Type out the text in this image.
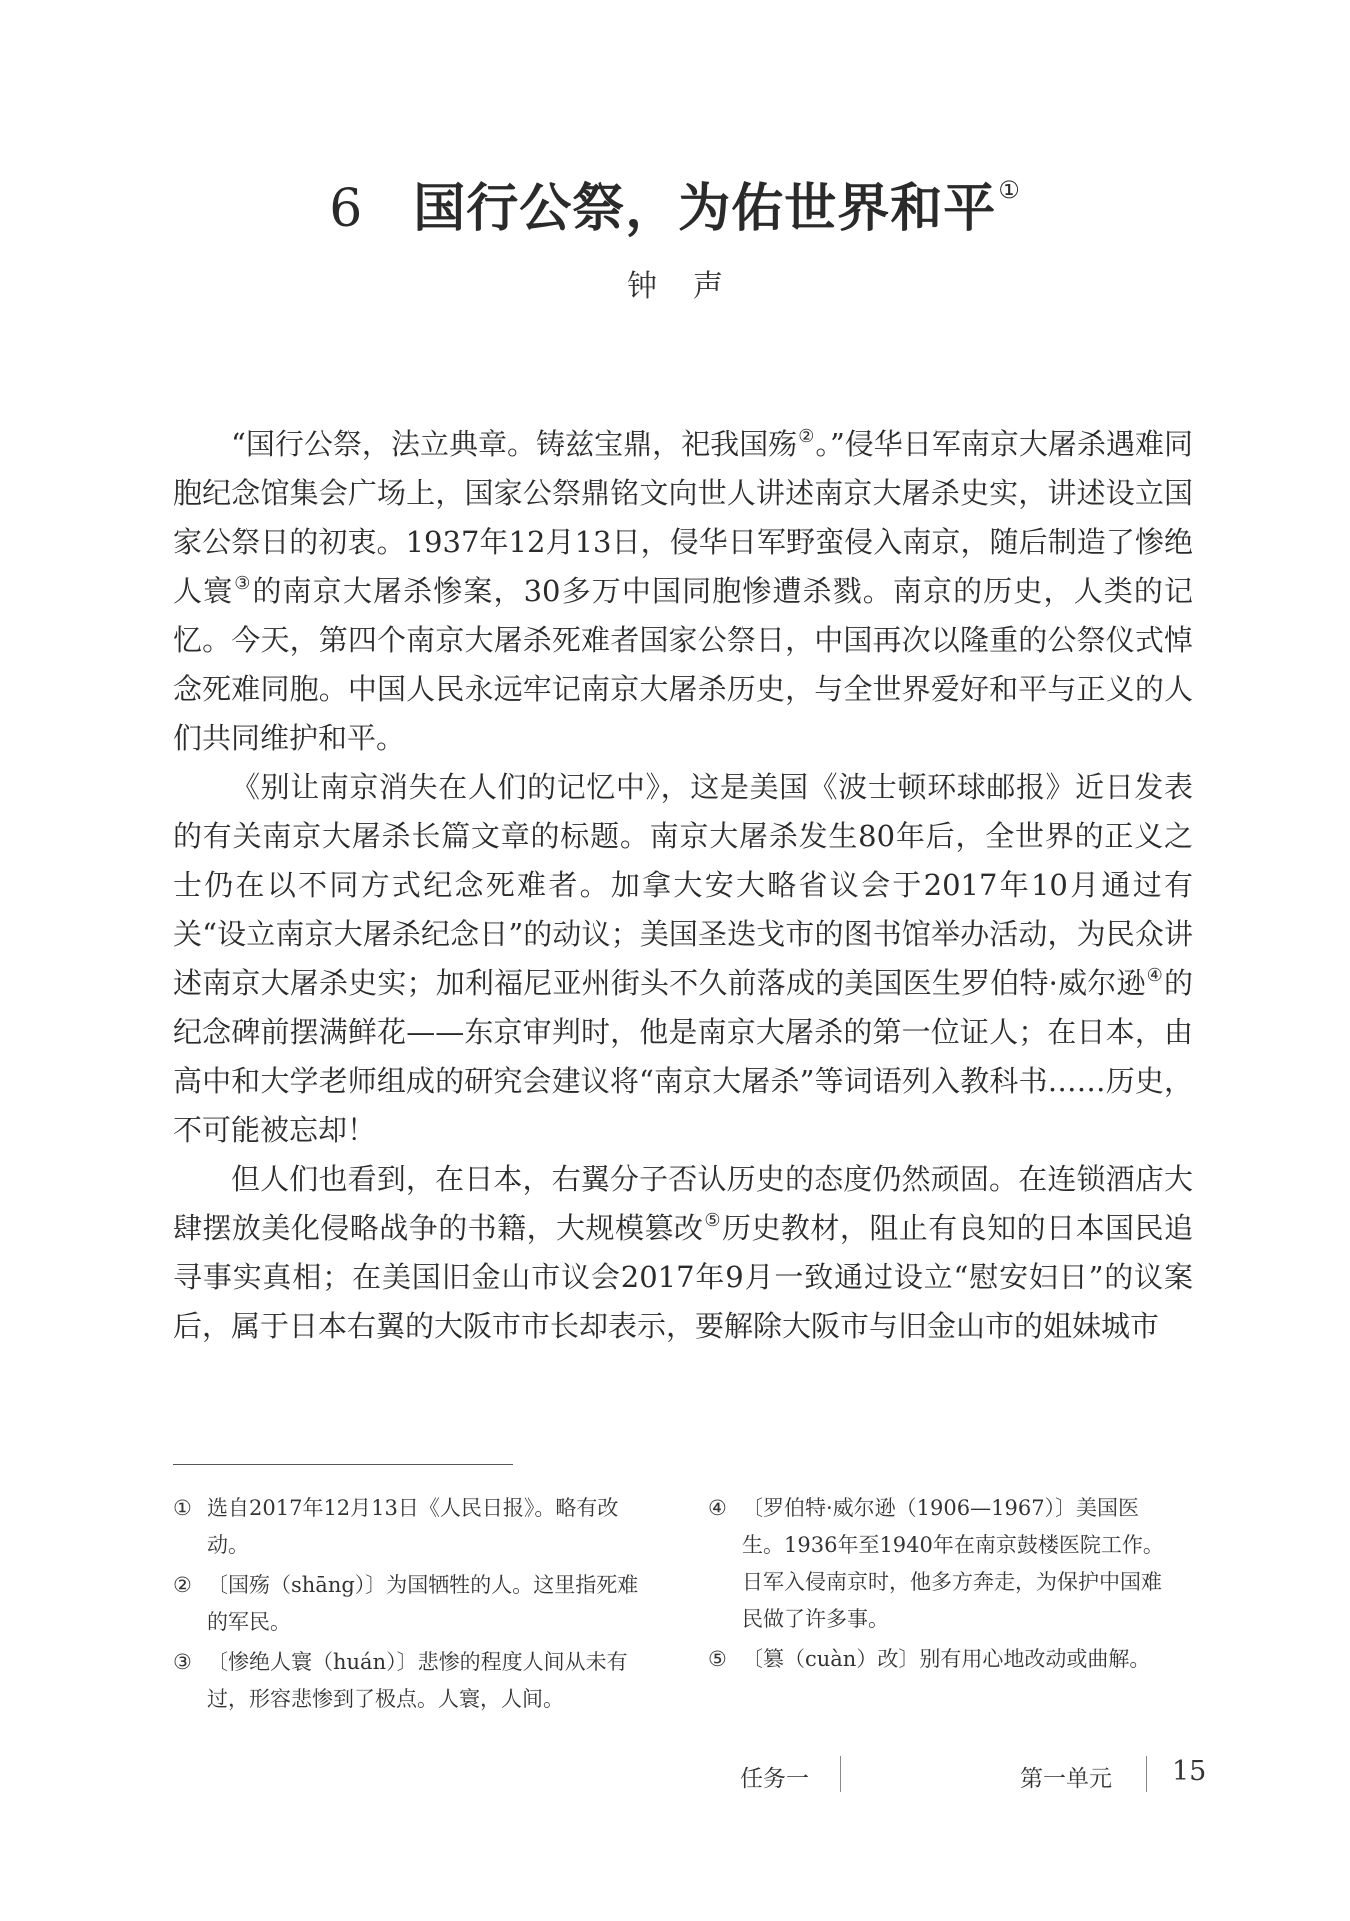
6 国行公祭，为佑世界和平①
钟 声

“国行公祭，法立典章。铸兹宝鼎，祀我国殇②。”侵华日军南京大屠杀遇难同胞纪念馆集会广场上，国家公祭鼎铭文向世人讲述南京大屠杀史实，讲述设立国家公祭日的初衷。1937年12月13日，侵华日军野蛮侵入南京，随后制造了惨绝人寰③的南京大屠杀惨案，30多万中国同胞惨遭杀戮。南京的历史，人类的记忆。今天，第四个南京大屠杀死难者国家公祭日，中国再次以隆重的公祭仪式悼念死难同胞。中国人民永远牢记南京大屠杀历史，与全世界爱好和平与正义的人们共同维护和平。

《别让南京消失在人们的记忆中》，这是美国《波士顿环球邮报》近日发表的有关南京大屠杀长篇文章的标题。南京大屠杀发生80年后，全世界的正义之士仍在以不同方式纪念死难者。加拿大安大略省议会于2017年10月通过有关“设立南京大屠杀纪念日”的动议；美国圣迭戈市的图书馆举办活动，为民众讲述南京大屠杀史实；加利福尼亚州街头不久前落成的美国医生罗伯特·威尔逊④的纪念碑前摆满鲜花——东京审判时，他是南京大屠杀的第一位证人；在日本，由高中和大学老师组成的研究会建议将“南京大屠杀”等词语列入教科书……历史，不可能被忘却！

但人们也看到，在日本，右翼分子否认历史的态度仍然顽固。在连锁酒店大肆摆放美化侵略战争的书籍，大规模篡改⑤历史教材，阻止有良知的日本国民追寻事实真相；在美国旧金山市议会2017年9月一致通过设立“慰安妇日”的议案后，属于日本右翼的大阪市市长却表示，要解除大阪市与旧金山市的姐妹城市

① 选自2017年12月13日《人民日报》。略有改动。
② 〔国殇（shāng）〕为国牺牲的人。这里指死难的军民。
③ 〔惨绝人寰（huán）〕悲惨的程度人间从未有过，形容悲惨到了极点。人寰，人间。
④ 〔罗伯特·威尔逊（1906—1967）〕美国医生。1936年至1940年在南京鼓楼医院工作。日军入侵南京时，他多方奔走，为保护中国难民做了许多事。
⑤ 〔篡（cuàn）改〕别有用心地改动或曲解。
任务一	第一单元 15
